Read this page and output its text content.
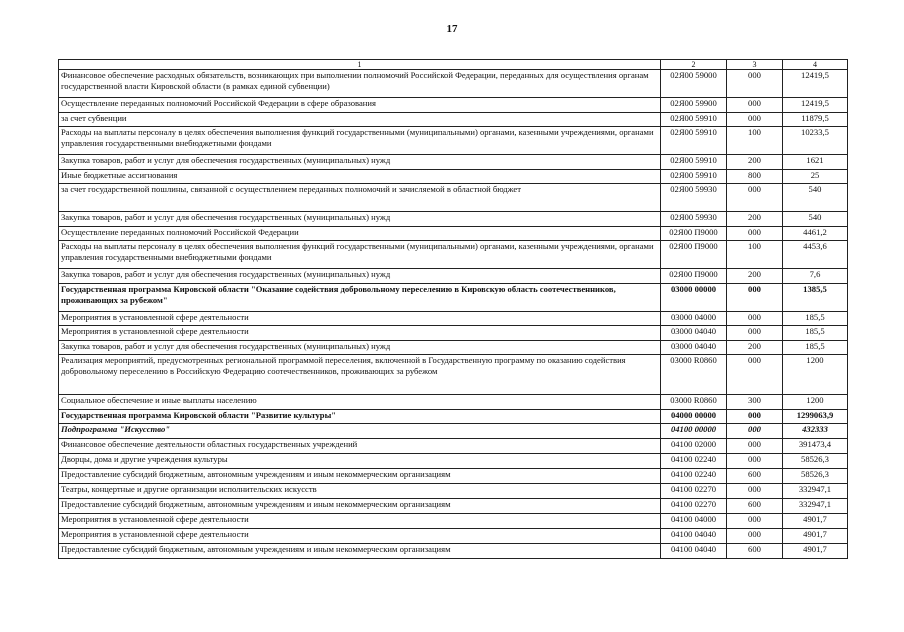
17
1	2	3	4
Финансовое обеспечение расходных обязательств, возникающих при выполнении полномочий Российской Федерации, переданных для осуществления органам государственной власти Кировской области (в рамках единой субвенции)	02Я00 59000	000	12419,5
Осуществление переданных полномочий Российской Федерации в сфере образования	02Я00 59900	000	12419,5
за счет субвенции	02Я00 59910	000	11879,5
Расходы на выплаты персоналу в целях обеспечения выполнения функций государственными (муниципальными) органами, казенными учреждениями, органами управления государственными внебюджетными фондами	02Я00 59910	100	10233,5
Закупка товаров, работ и услуг для обеспечения государственных (муниципальных) нужд	02Я00 59910	200	1621
Иные бюджетные ассигнования	02Я00 59910	800	25
за счет государственной пошлины, связанной с осуществлением переданных полномочий и зачисляемой в областной бюджет	02Я00 59930	000	540
Закупка товаров, работ и услуг для обеспечения государственных (муниципальных) нужд	02Я00 59930	200	540
Осуществление переданных полномочий Российской Федерации	02Я00 П9000	000	4461,2
Расходы на выплаты персоналу в целях обеспечения выполнения функций государственными (муниципальными) органами, казенными учреждениями, органами управления государственными внебюджетными фондами	02Я00 П9000	100	4453,6
Закупка товаров, работ и услуг для обеспечения государственных (муниципальных) нужд	02Я00 П9000	200	7,6
Государственная программа Кировской области "Оказание содействия добровольному переселению в Кировскую область соотечественников, проживающих за рубежом"	03000 00000	000	1385,5
Мероприятия в установленной сфере деятельности	03000 04000	000	185,5
Мероприятия в установленной сфере деятельности	03000 04040	000	185,5
Закупка товаров, работ и услуг для обеспечения государственных (муниципальных) нужд	03000 04040	200	185,5
Реализация мероприятий, предусмотренных региональной программой переселения, включенной в Государственную программу по оказанию содействия добровольному переселению в Российскую Федерацию соотечественников, проживающих за рубежом	03000 R0860	000	1200
Социальное обеспечение и иные выплаты населению	03000 R0860	300	1200
Государственная программа Кировской области "Развитие культуры"	04000 00000	000	1299063,9
Подпрограмма "Искусство"	04100 00000	000	432333
Финансовое обеспечение деятельности областных государственных учреждений	04100 02000	000	391473,4
Дворцы, дома и другие учреждения культуры	04100 02240	000	58526,3
Предоставление субсидий бюджетным, автономным учреждениям и иным некоммерческим организациям	04100 02240	600	58526,3
Театры, концертные и другие организации исполнительских искусств	04100 02270	000	332947,1
Предоставление субсидий бюджетным, автономным учреждениям и иным некоммерческим организациям	04100 02270	600	332947,1
Мероприятия в установленной сфере деятельности	04100 04000	000	4901,7
Мероприятия в установленной сфере деятельности	04100 04040	000	4901,7
Предоставление субсидий бюджетным, автономным учреждениям и иным некоммерческим организациям	04100 04040	600	4901,7
